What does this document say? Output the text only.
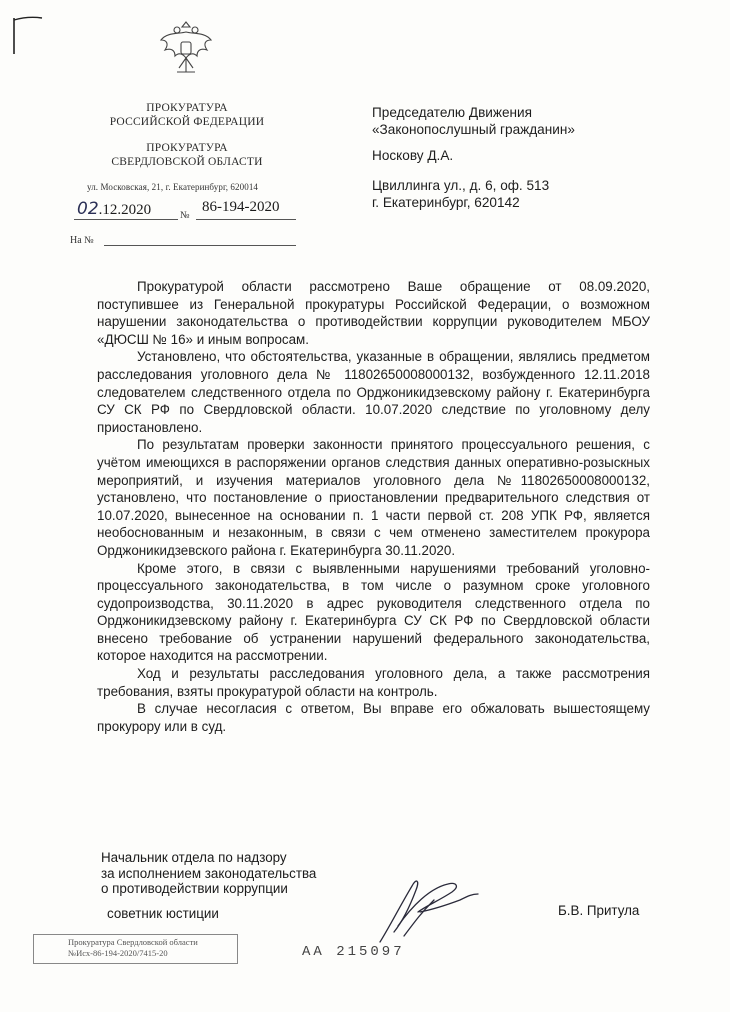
ПРОКУРАТУРА
РОССИЙСКОЙ ФЕДЕРАЦИИ
ПРОКУРАТУРА
СВЕРДЛОВСКОЙ ОБЛАСТИ
ул. Московская, 21, г. Екатеринбург, 620014
02.12.2020	№
86-194-2020
На №
Председателю Движения
«Законопослушный гражданин»
Носкову Д.А.
Цвиллинга ул., д. 6, оф. 513
г. Екатеринбург, 620142

Прокуратурой области рассмотрено Ваше обращение от 08.09.2020, поступившее из Генеральной прокуратуры Российской Федерации, о возможном нарушении законодательства о противодействии коррупции руководителем МБОУ «ДЮСШ № 16» и иным вопросам.

Установлено, что обстоятельства, указанные в обращении, являлись предметом расследования уголовного дела № 11802650008000132, возбужденного 12.11.2018 следователем следственного отдела по Орджоникидзевскому району г. Екатеринбурга СУ СК РФ по Свердловской области. 10.07.2020 следствие по уголовному делу приостановлено.

По результатам проверки законности принятого процессуального решения, с учётом имеющихся в распоряжении органов следствия данных оперативно-розыскных мероприятий, и изучения материалов уголовного дела №11802650008000132, установлено, что постановление о приостановлении предварительного следствия от 10.07.2020, вынесенное на основании п. 1 части первой ст. 208 УПК РФ, является необоснованным и незаконным, в связи с чем отменено заместителем прокурора Орджоникидзевского района г. Екатеринбурга 30.11.2020.

Кроме этого, в связи с выявленными нарушениями требований уголовно-процессуального законодательства, в том числе о разумном сроке уголовного судопроизводства, 30.11.2020 в адрес руководителя следственного отдела по Орджоникидзевскому району г. Екатеринбурга СУ СК РФ по Свердловской области внесено требование об устранении нарушений федерального законодательства, которое находится на рассмотрении.

Ход и результаты расследования уголовного дела, а также рассмотрения требования, взяты прокуратурой области на контроль.

В случае несогласия с ответом, Вы вправе его обжаловать вышестоящему прокурору или в суд.

Начальник отдела по надзору
за исполнением законодательства
о противодействии коррупции
советник юстиции	Б.В. Притула
Прокуратура Свердловской области
№Исх-86-194-2020/7415-20	АА 215097
